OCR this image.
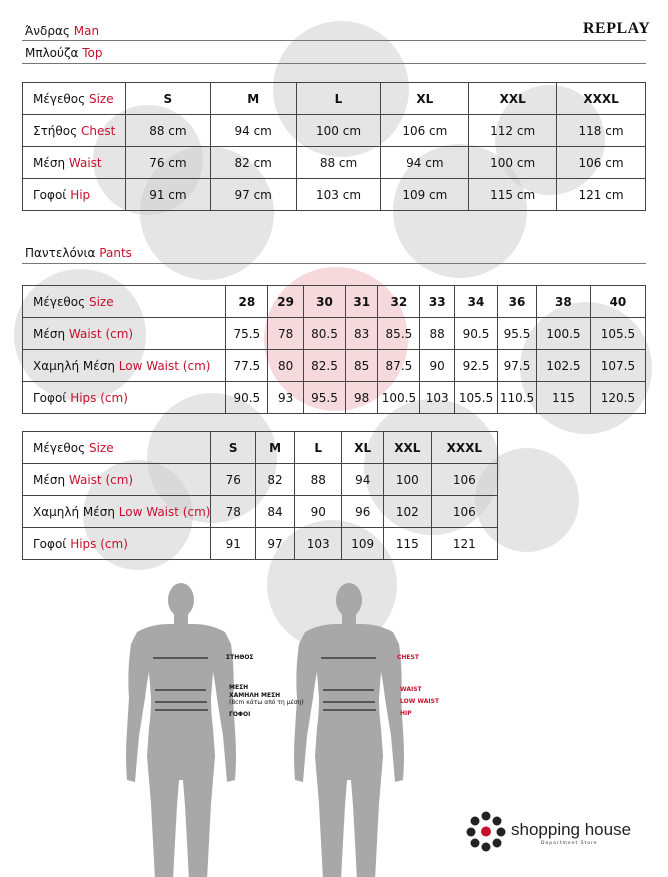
Άνδρας Man	REPLAY
Μπλούζα Top
Μέγεθος Size	S	M	L	XL	XXL	XXXL
Στήθος Chest	88 cm	94 cm	100 cm	106 cm	112 cm	118 cm
Μέση Waist	76 cm	82 cm	88 cm	94 cm	100 cm	106 cm
Γοφοί Hip	91 cm	97 cm	103 cm	109 cm	115 cm	121 cm
Παντελόνια Pants
Μέγεθος Size	28	29	30	31	32	33	34	36	38	40
Μέση Waist (cm)	75.5	78	80.5	83	85.5	88	90.5	95.5	100.5	105.5
Χαμηλή Μέση Low Waist (cm)	77.5	80	82.5	85	87.5	90	92.5	97.5	102.5	107.5
Γοφοί Hips (cm)	90.5	93	95.5	98	100.5	103	105.5	110.5	115	120.5
Μέγεθος Size	S	M	L	XL	XXL	XXXL
Μέση Waist (cm)	76	82	88	94	100	106
Χαμηλή Μέση Low Waist (cm)	78	84	90	96	102	106
Γοφοί Hips (cm)	91	97	103	109	115	121
ΣΤΗΘΟΣ
ΜΕΣΗ
ΧΑΜΗΛΗ ΜΕΣΗ
(8cm κάτω από τη μέση)
ΓΟΦΟΙ
CHEST
WAIST
LOW WAIST
HIP
shopping house
Department Store
